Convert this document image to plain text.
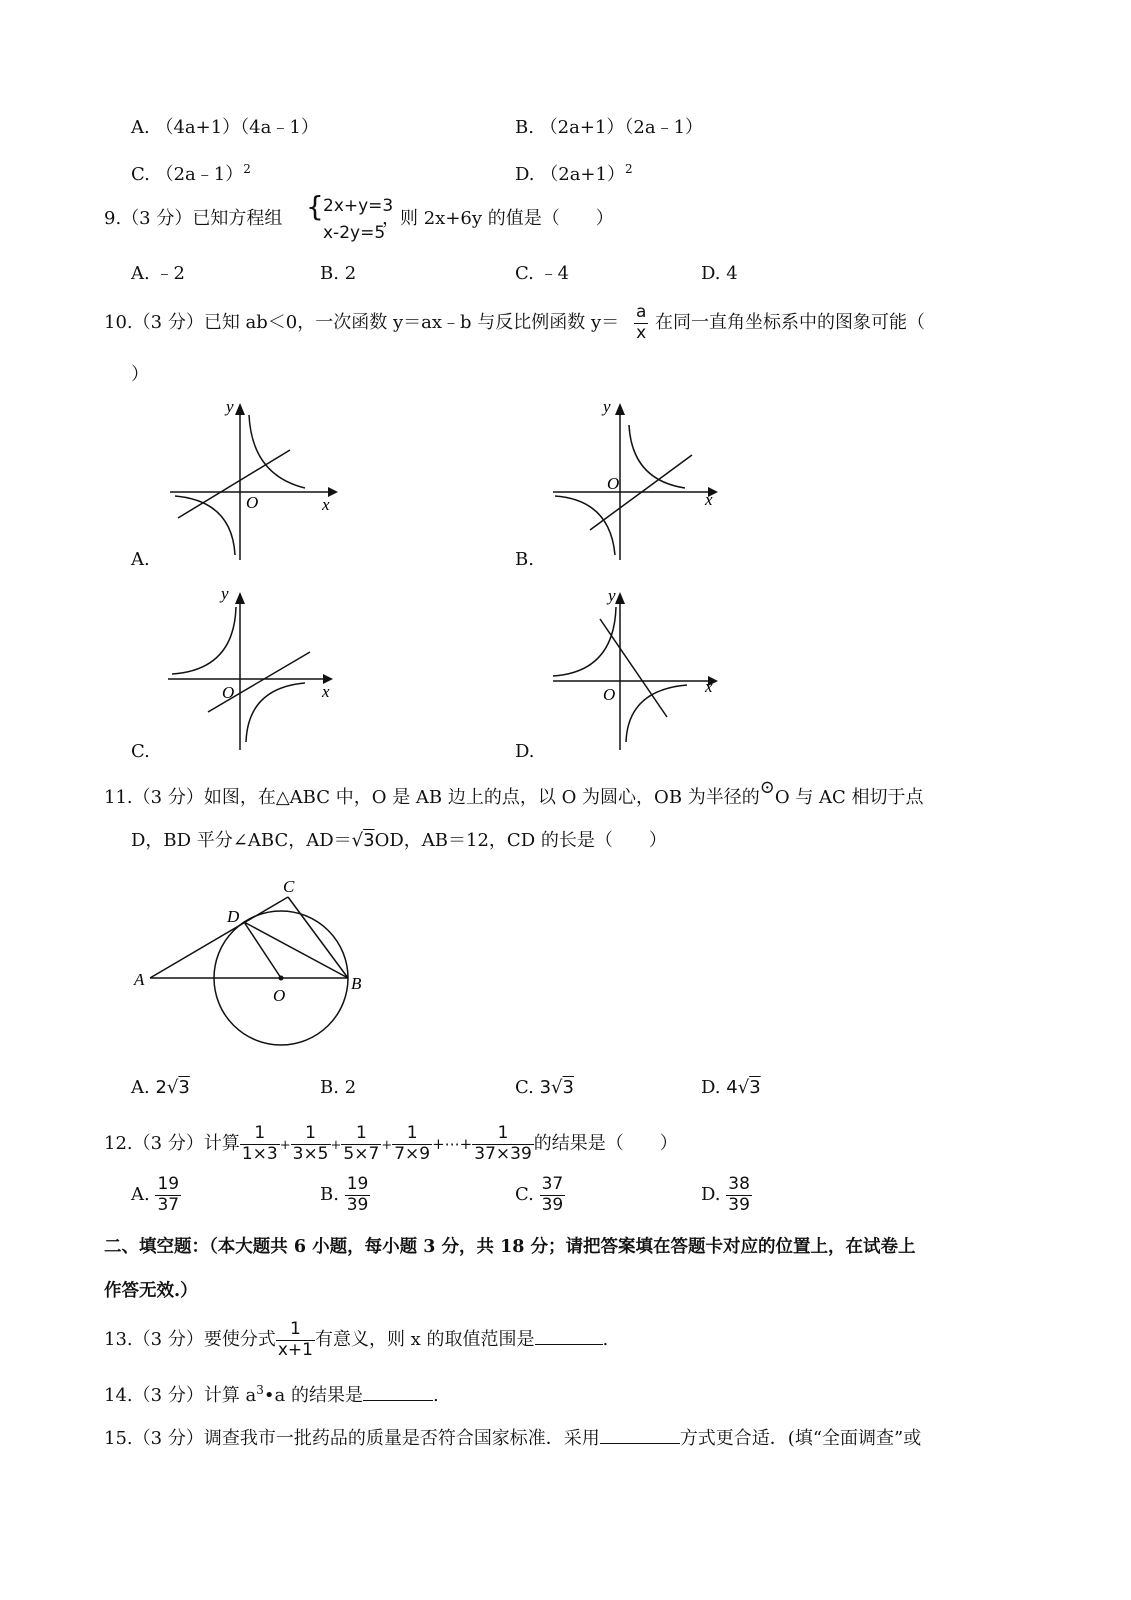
A. （4a+1）（4a﹣1）	B. （2a+1）（2a﹣1）
C. （2a﹣1）$^2$	D. $(2a+1)^2$
9.（3 分）已知方程组 { 2x+y=3
x-2y=5
，则 2x+6y 的值是（　　）
A. ﹣2	B. 2	C. ﹣4	D. 4
10.（3 分）已知 ab＜0，一次函数 y＝ax﹣b 与反比例函数 $y= \frac{a}{x}$ 在同一直角坐标系中的图象可能（
）
y
O	x
A.
y
O
x
B.
y
O	x
C.
y
O	x
D.
11.（3 分）如图，在△ABC 中，O 是 AB 边上的点，以 O 为圆心，OB 为半径的⊙O 与 AC 相切于点
D，BD 平分∠ABC，AD＝√3OD，AB＝12，CD 的长是（　　）
A	B
C
D
O
A. 2√3	B. 2	C. 3√3	D. 4√3
12.（3 分）计算 $\frac{1}{1\times 3} + \frac{1}{3\times 5} + \frac{1}{5\times 7} + \frac{1}{7\times 9}$ +⋯+ $\frac{1}{37\times 39}$ 的结果是（　　）
A. $\frac{19}{37}$	B. $\frac{19}{39}$	C. $\frac{37}{39}$	D. $\frac{38}{39}$
二、填空题：（本大题共 6 小题，每小题 3 分，共 18 分；请把答案填在答题卡对应的位置上，在试卷上
作答无效.）
13.（3 分）要使分式 $\frac{1}{x+1}$ 有意义，则 x 的取值范围是	.
14.（3 分）计算 $a^3•a$ 的结果是	.
15.（3 分）调查我市一批药品的质量是否符合国家标准．采用	方式更合适．(填“全面调查”或
